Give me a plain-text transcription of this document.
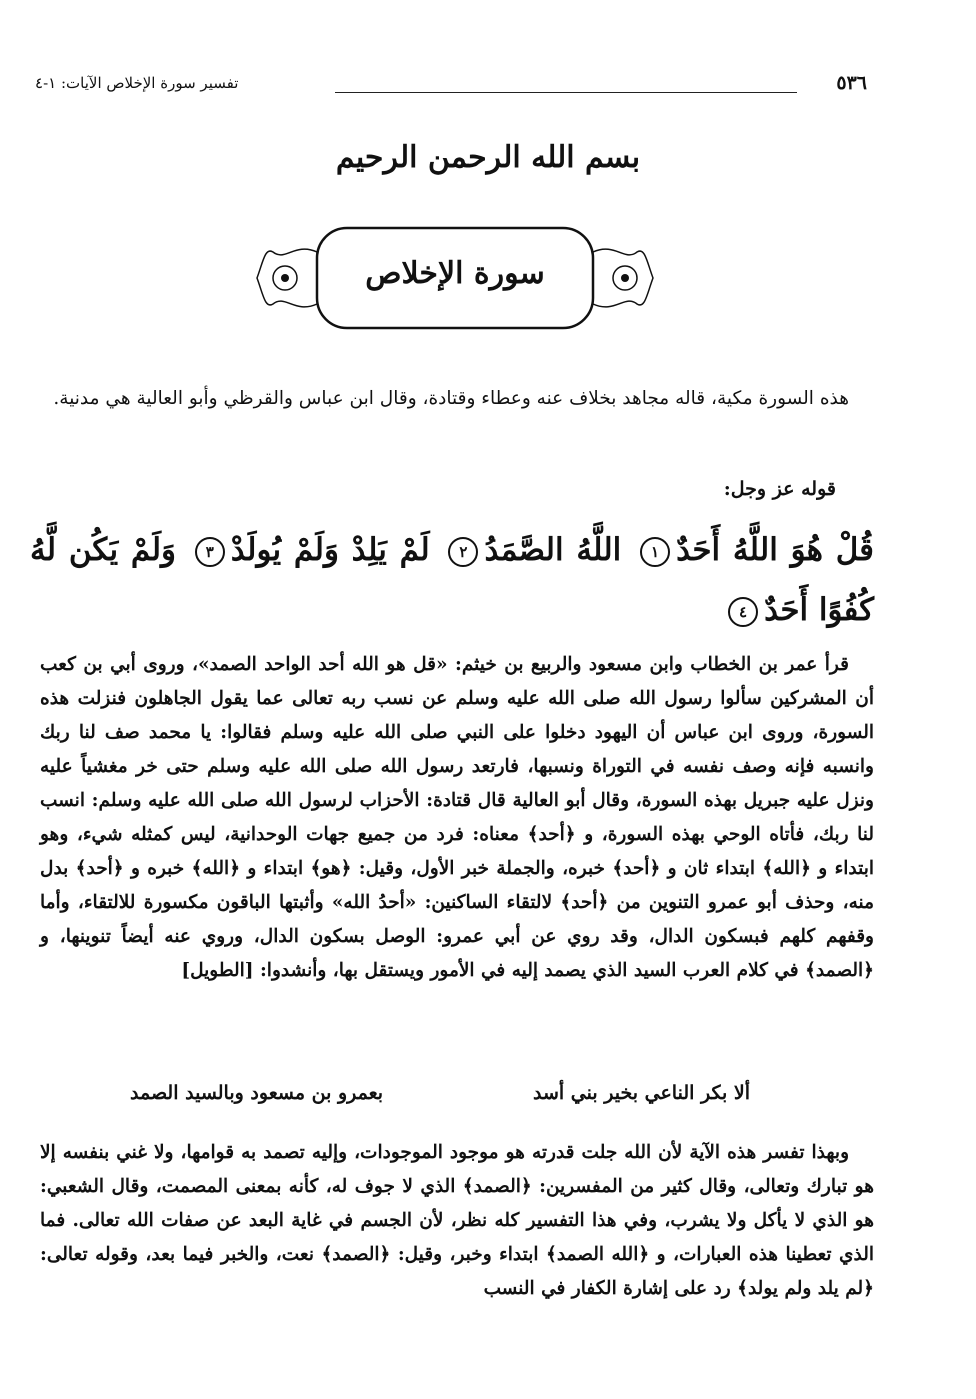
٥٣٦
تفسير سورة الإخلاص الآيات: ١-٤
بسم الله الرحمن الرحيم
سورة الإخلاص
هذه السورة مكية، قاله مجاهد بخلاف عنه وعطاء وقتادة، وقال ابن عباس والقرظي وأبو العالية هي مدنية.
قوله عز وجل:
قُلْ هُوَ اللَّهُ أَحَدٌ١ اللَّهُ الصَّمَدُ٢ لَمْ يَلِدْ وَلَمْ يُولَدْ٣ وَلَمْ يَكُن لَّهُ كُفُوًا أَحَدٌ٤
قرأ عمر بن الخطاب وابن مسعود والربيع بن خيثم: «قل هو الله أحد الواحد الصمد»، وروى أبي بن كعب أن المشركين سألوا رسول الله صلى الله عليه وسلم عن نسب ربه تعالى عما يقول الجاهلون فنزلت هذه السورة، وروى ابن عباس أن اليهود دخلوا على النبي صلى الله عليه وسلم فقالوا: يا محمد صف لنا ربك وانسبه فإنه وصف نفسه في التوراة ونسبها، فارتعد رسول الله صلى الله عليه وسلم حتى خر مغشياً عليه ونزل عليه جبريل بهذه السورة، وقال أبو العالية قال قتادة: الأحزاب لرسول الله صلى الله عليه وسلم: انسب لنا ربك، فأتاه الوحي بهذه السورة، و ﴿أحد﴾ معناه: فرد من جميع جهات الوحدانية، ليس كمثله شيء، وهو ابتداء و ﴿الله﴾ ابتداء ثان و ﴿أحد﴾ خبره، والجملة خبر الأول، وقيل: ﴿هو﴾ ابتداء و ﴿الله﴾ خبره و ﴿أحد﴾ بدل منه، وحذف أبو عمرو التنوين من ﴿أحد﴾ لالتقاء الساكنين: «أحدُ الله» وأثبتها الباقون مكسورة للالتقاء، وأما وقفهم كلهم فبسكون الدال، وقد روي عن أبي عمرو: الوصل بسكون الدال، وروي عنه أيضاً تنوينها، و ﴿الصمد﴾ في كلام العرب السيد الذي يصمد إليه في الأمور ويستقل بها، وأنشدوا: [الطويل]
ألا بكر الناعي بخير بني أسد
بعمرو بن مسعود وبالسيد الصمد
وبهذا تفسر هذه الآية لأن الله جلت قدرته هو موجود الموجودات، وإليه تصمد به قوامها، ولا غني بنفسه إلا هو تبارك وتعالى، وقال كثير من المفسرين: ﴿الصمد﴾ الذي لا جوف له، كأنه بمعنى المصمت، وقال الشعبي: هو الذي لا يأكل ولا يشرب، وفي هذا التفسير كله نظر، لأن الجسم في غاية البعد عن صفات الله تعالى. فما الذي تعطينا هذه العبارات، و ﴿الله الصمد﴾ ابتداء وخبر، وقيل: ﴿الصمد﴾ نعت، والخبر فيما بعد، وقوله تعالى: ﴿لم يلد ولم يولد﴾ رد على إشارة الكفار في النسب
